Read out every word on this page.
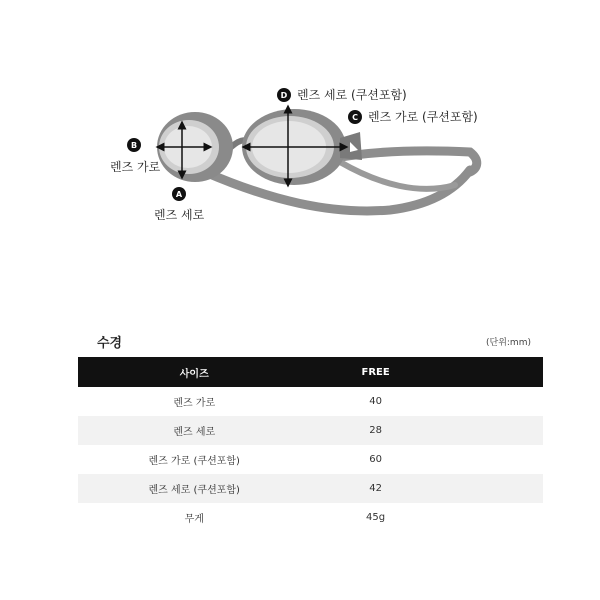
D 렌즈 세로 (쿠션포함)
C 렌즈 가로 (쿠션포함)
B
렌즈 가로
A
렌즈 세로
수경	(단위:mm)
사이즈	FREE	
렌즈 가로	40	
렌즈 세로	28	
렌즈 가로 (쿠션포함)	60	
렌즈 세로 (쿠션포함)	42	
무게	45g	
